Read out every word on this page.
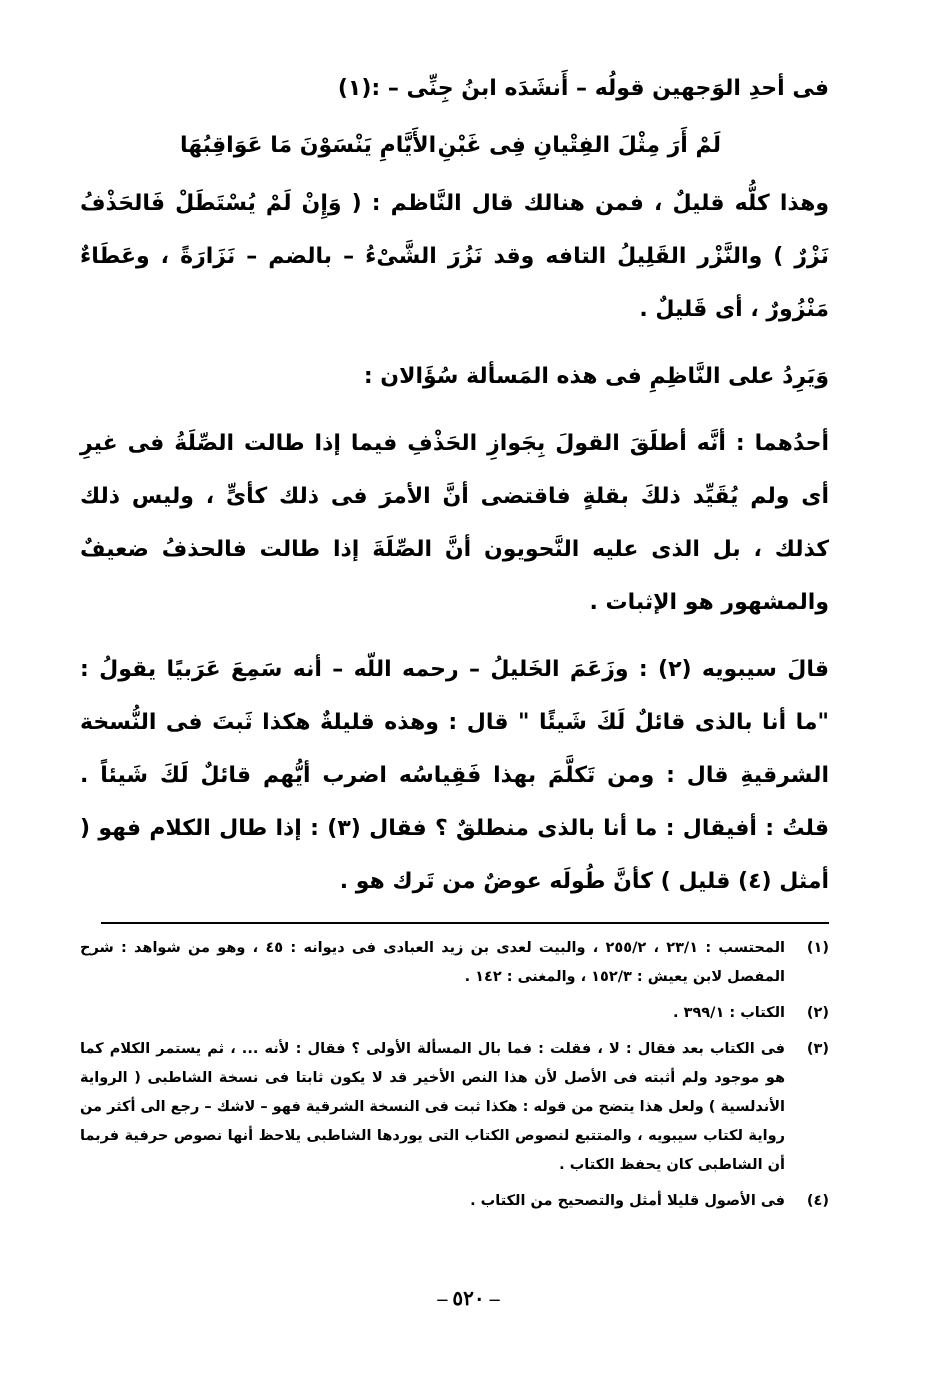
فى أحدِ الوَجهين قولُه – أَنشَدَه ابنُ جِنِّى – :(١)

لَمْ أَرَ مِثْلَ الفِتْيانِ فِى غَبْنِ
الأَيَّامِ يَنْسَوْنَ مَا عَوَاقِبُهَا

وهذا كلُّه قليلٌ ، فمن هنالك قال النَّاظم : ( وَإِنْ لَمْ يُسْتَطَلْ فَالحَذْفُ نَزْرٌ ) والنَّزْر القَلِيلُ التافه وقد نَزُرَ الشَّىْءُ – بالضم – نَزَارَةً ، وعَطَاءٌ مَنْزُورٌ ، أى قَليلٌ .

وَيَرِدُ على النَّاظِمِ فى هذه المَسألة سُؤَالان :

أحدُهما : أنَّه أطلَقَ القولَ بِجَوازِ الحَذْفِ فيما إذا طالت الصِّلَةُ فى غيرِ أى ولم يُقَيِّد ذلكَ بقلةٍ فاقتضى أنَّ الأمرَ فى ذلك كأىٍّ ، وليس ذلك كذلك ، بل الذى عليه النَّحويون أنَّ الصِّلَةَ إذا طالت فالحذفُ ضعيفٌ والمشهور هو الإثبات .

قالَ سيبويه (٢) : وزَعَمَ الخَليلُ – رحمه اللّه – أنه سَمِعَ عَرَبيًا يقولُ : "ما أنا بالذى قائلٌ لَكَ شَيئًا " قال : وهذه قليلةٌ هكذا ثَبتَ فى النُّسخة الشرقيةِ قال : ومن تَكلَّمَ بهذا فَقِياسُه اضرب أيُّهم قائلٌ لَكَ شَيئاً . قلتُ : أفيقال : ما أنا بالذى منطلقٌ ؟ فقال (٣) : إذا طال الكلام فهو ( أمثل (٤) قليل ) كأنَّ طُولَه عوضٌ من تَرك هو .

(١)
المحتسب : ٢٣/١ ، ٢٥٥/٢ ، والبيت لعدى بن زيد العبادى فى ديوانه : ٤٥ ، وهو من شواهد : شرح المفصل لابن يعيش : ١٥٢/٣ ، والمغنى : ١٤٢ .
(٢)
الكتاب : ٣٩٩/١ .
(٣)
فى الكتاب بعد فقال : لا ، فقلت : فما بال المسألة الأولى ؟ فقال : لأنه ... ، ثم يستمر الكلام كما هو موجود ولم أثبته فى الأصل لأن هذا النص الأخير قد لا يكون ثابتا فى نسخة الشاطبى ( الرواية الأندلسية ) ولعل هذا يتضح من قوله : هكذا ثبت فى النسخة الشرقية فهو – لاشك – رجع الى أكثر من رواية لكتاب سيبويه ، والمتتبع لنصوص الكتاب التى يوردها الشاطبى يلاحظ أنها نصوص حرفية فربما أن الشاطبى كان يحفظ الكتاب .
(٤)
فى الأصول قليلا أمثل والتصحيح من الكتاب .
– ٥٢٠ –
